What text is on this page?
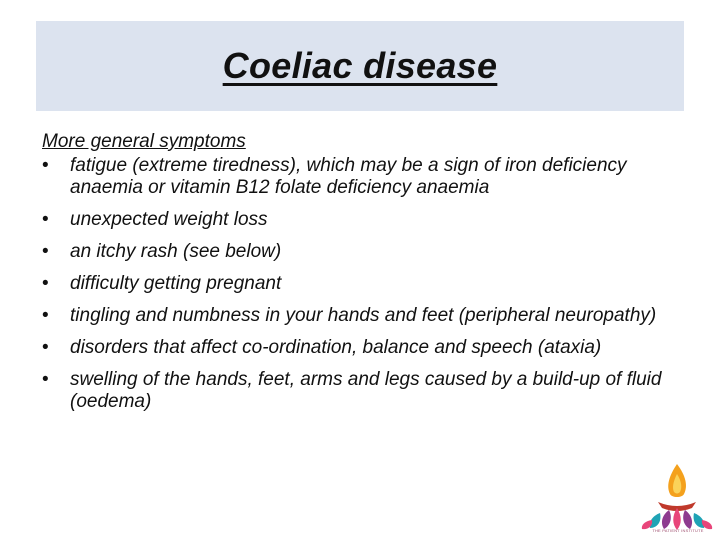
Coeliac disease
More general symptoms
• fatigue (extreme tiredness), which may be a sign of iron deficiency anaemia or vitamin B12 folate deficiency anaemia
• unexpected weight loss
• an itchy rash (see below)
• difficulty getting pregnant
• tingling and numbness in your hands and feet (peripheral neuropathy)
• disorders that affect co-ordination, balance and speech (ataxia)
• swelling of the hands, feet, arms and legs caused by a build-up of fluid (oedema)
THE PATIENT INSTITUTE
